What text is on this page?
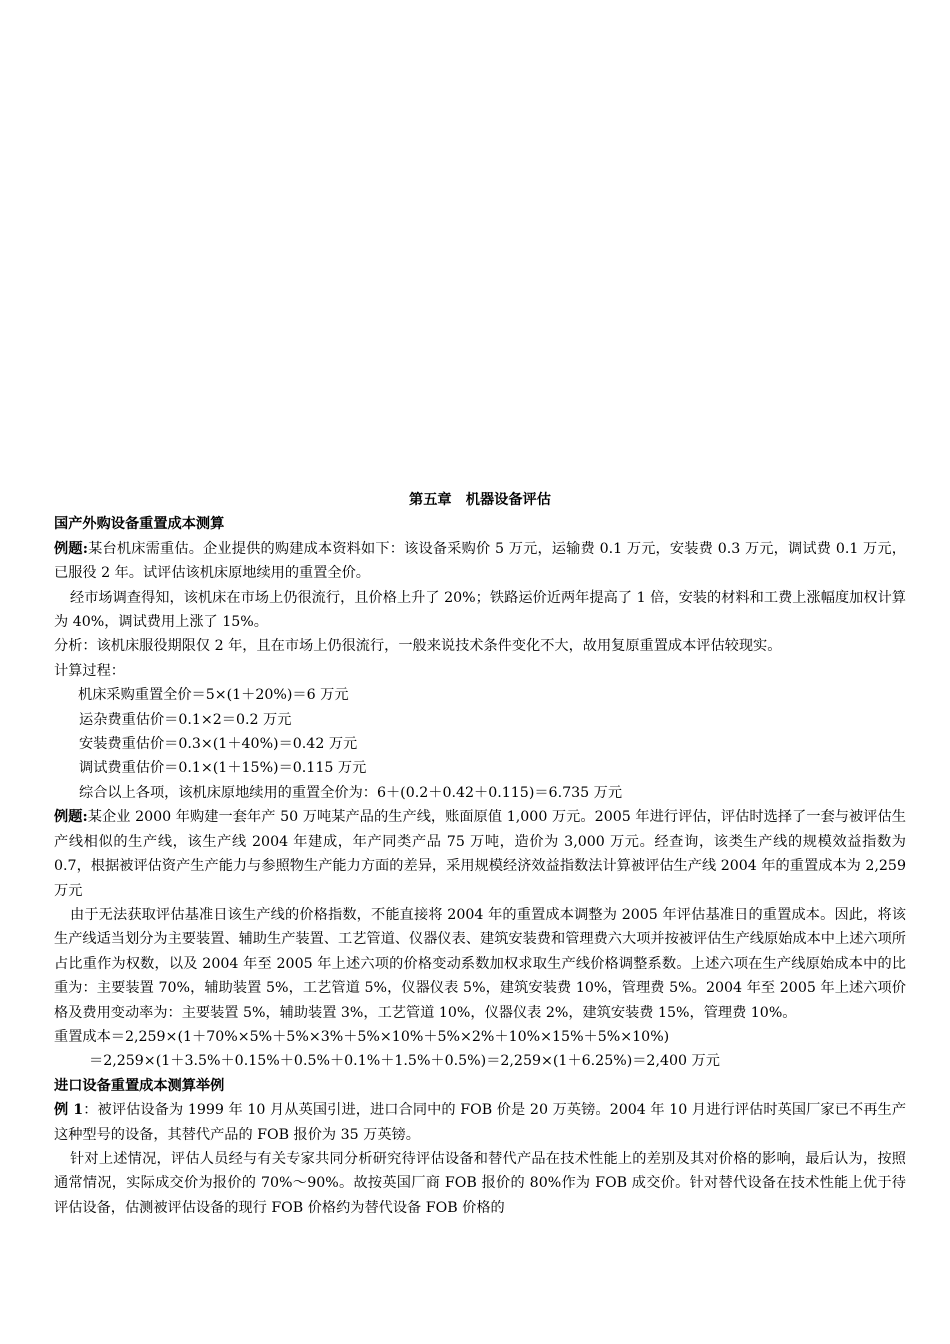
第五章　机器设备评估

国产外购设备重置成本测算

例题:某台机床需重估。企业提供的购建成本资料如下：该设备采购价 5 万元，运输费 0.1 万元，安装费 0.3 万元，调试费 0.1 万元，已服役 2 年。试评估该机床原地续用的重置全价。

经市场调查得知，该机床在市场上仍很流行，且价格上升了 20%；铁路运价近两年提高了 1 倍，安装的材料和工费上涨幅度加权计算为 40%，调试费用上涨了 15%。

分析：该机床服役期限仅 2 年，且在市场上仍很流行，一般来说技术条件变化不大，故用复原重置成本评估较现实。

计算过程：

机床采购重置全价＝5×(1＋20%)＝6 万元

运杂费重估价＝0.1×2＝0.2 万元

安装费重估价＝0.3×(1＋40%)＝0.42 万元

调试费重估价＝0.1×(1＋15%)＝0.115 万元

综合以上各项，该机床原地续用的重置全价为：6＋(0.2＋0.42＋0.115)＝6.735 万元

例题:某企业 2000 年购建一套年产 50 万吨某产品的生产线，账面原值 1,000 万元。2005 年进行评估，评估时选择了一套与被评估生产线相似的生产线，该生产线 2004 年建成，年产同类产品 75 万吨，造价为 3,000 万元。经查询，该类生产线的规模效益指数为 0.7，根据被评估资产生产能力与参照物生产能力方面的差异，采用规模经济效益指数法计算被评估生产线 2004 年的重置成本为 2,259 万元

由于无法获取评估基准日该生产线的价格指数，不能直接将 2004 年的重置成本调整为 2005 年评估基准日的重置成本。因此，将该生产线适当划分为主要装置、辅助生产装置、工艺管道、仪器仪表、建筑安装费和管理费六大项并按被评估生产线原始成本中上述六项所占比重作为权数，以及 2004 年至 2005 年上述六项的价格变动系数加权求取生产线价格调整系数。上述六项在生产线原始成本中的比重为：主要装置 70%，辅助装置 5%，工艺管道 5%，仪器仪表 5%，建筑安装费 10%，管理费 5%。2004 年至 2005 年上述六项价格及费用变动率为：主要装置 5%，辅助装置 3%，工艺管道 10%，仪器仪表 2%，建筑安装费 15%，管理费 10%。

重置成本＝2,259×(1＋70%×5%＋5%×3%＋5%×10%＋5%×2%＋10%×15%＋5%×10%)

＝2,259×(1＋3.5%＋0.15%＋0.5%＋0.1%＋1.5%＋0.5%)＝2,259×(1＋6.25%)＝2,400 万元

进口设备重置成本测算举例

例 1：被评估设备为 1999 年 10 月从英国引进，进口合同中的 FOB 价是 20 万英镑。2004 年 10 月进行评估时英国厂家已不再生产这种型号的设备，其替代产品的 FOB 报价为 35 万英镑。

针对上述情况，评估人员经与有关专家共同分析研究待评估设备和替代产品在技术性能上的差别及其对价格的影响，最后认为，按照通常情况，实际成交价为报价的 70%～90%。故按英国厂商 FOB 报价的 80%作为 FOB 成交价。针对替代设备在技术性能上优于待评估设备，估测被评估设备的现行 FOB 价格约为替代设备 FOB 价格的
